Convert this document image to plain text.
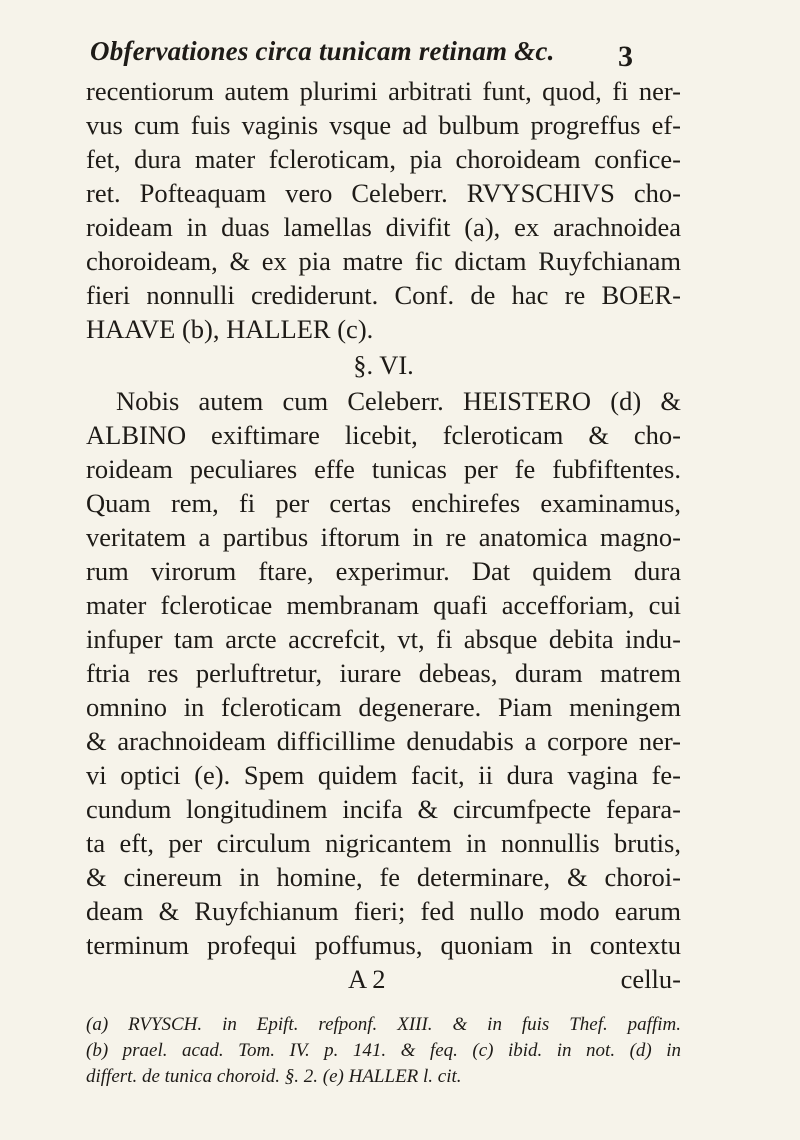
Obfervationes circa tunicam retinam &c.	3
recentiorum autem plurimi arbitrati funt, quod, fi ner-
vus cum fuis vaginis vsque ad bulbum progreffus ef-
fet, dura mater fcleroticam, pia choroideam confice-
ret. Pofteaquam vero Celeberr. RVYSCHIVS cho-
roideam in duas lamellas divifit (a), ex arachnoidea
choroideam, & ex pia matre fic dictam Ruyfchianam
fieri nonnulli crediderunt. Conf. de hac re BOER-
HAAVE (b), HALLER (c).
§. VI.
Nobis autem cum Celeberr. HEISTERO (d) &
ALBINO exiftimare licebit, fcleroticam & cho-
roideam peculiares effe tunicas per fe fubfiftentes.
Quam rem, fi per certas enchirefes examinamus,
veritatem a partibus iftorum in re anatomica magno-
rum virorum ftare, experimur. Dat quidem dura
mater fcleroticae membranam quafi accefforiam, cui
infuper tam arcte accrefcit, vt, fi absque debita indu-
ftria res perluftretur, iurare debeas, duram matrem
omnino in fcleroticam degenerare. Piam meningem
& arachnoideam difficillime denudabis a corpore ner-
vi optici (e). Spem quidem facit, ii dura vagina fe-
cundum longitudinem incifa & circumfpecte fepara-
ta eft, per circulum nigricantem in nonnullis brutis,
& cinereum in homine, fe determinare, & choroi-
deam & Ruyfchianum fieri; fed nullo modo earum
terminum profequi poffumus, quoniam in contextu
A 2	cellu-
(a) RVYSCH. in Epift. refponf. XIII. & in fuis Thef. paffim.
(b) prael. acad. Tom. IV. p. 141. & feq. (c) ibid. in not. (d) in
differt. de tunica choroid. §. 2. (e) HALLER l. cit.
